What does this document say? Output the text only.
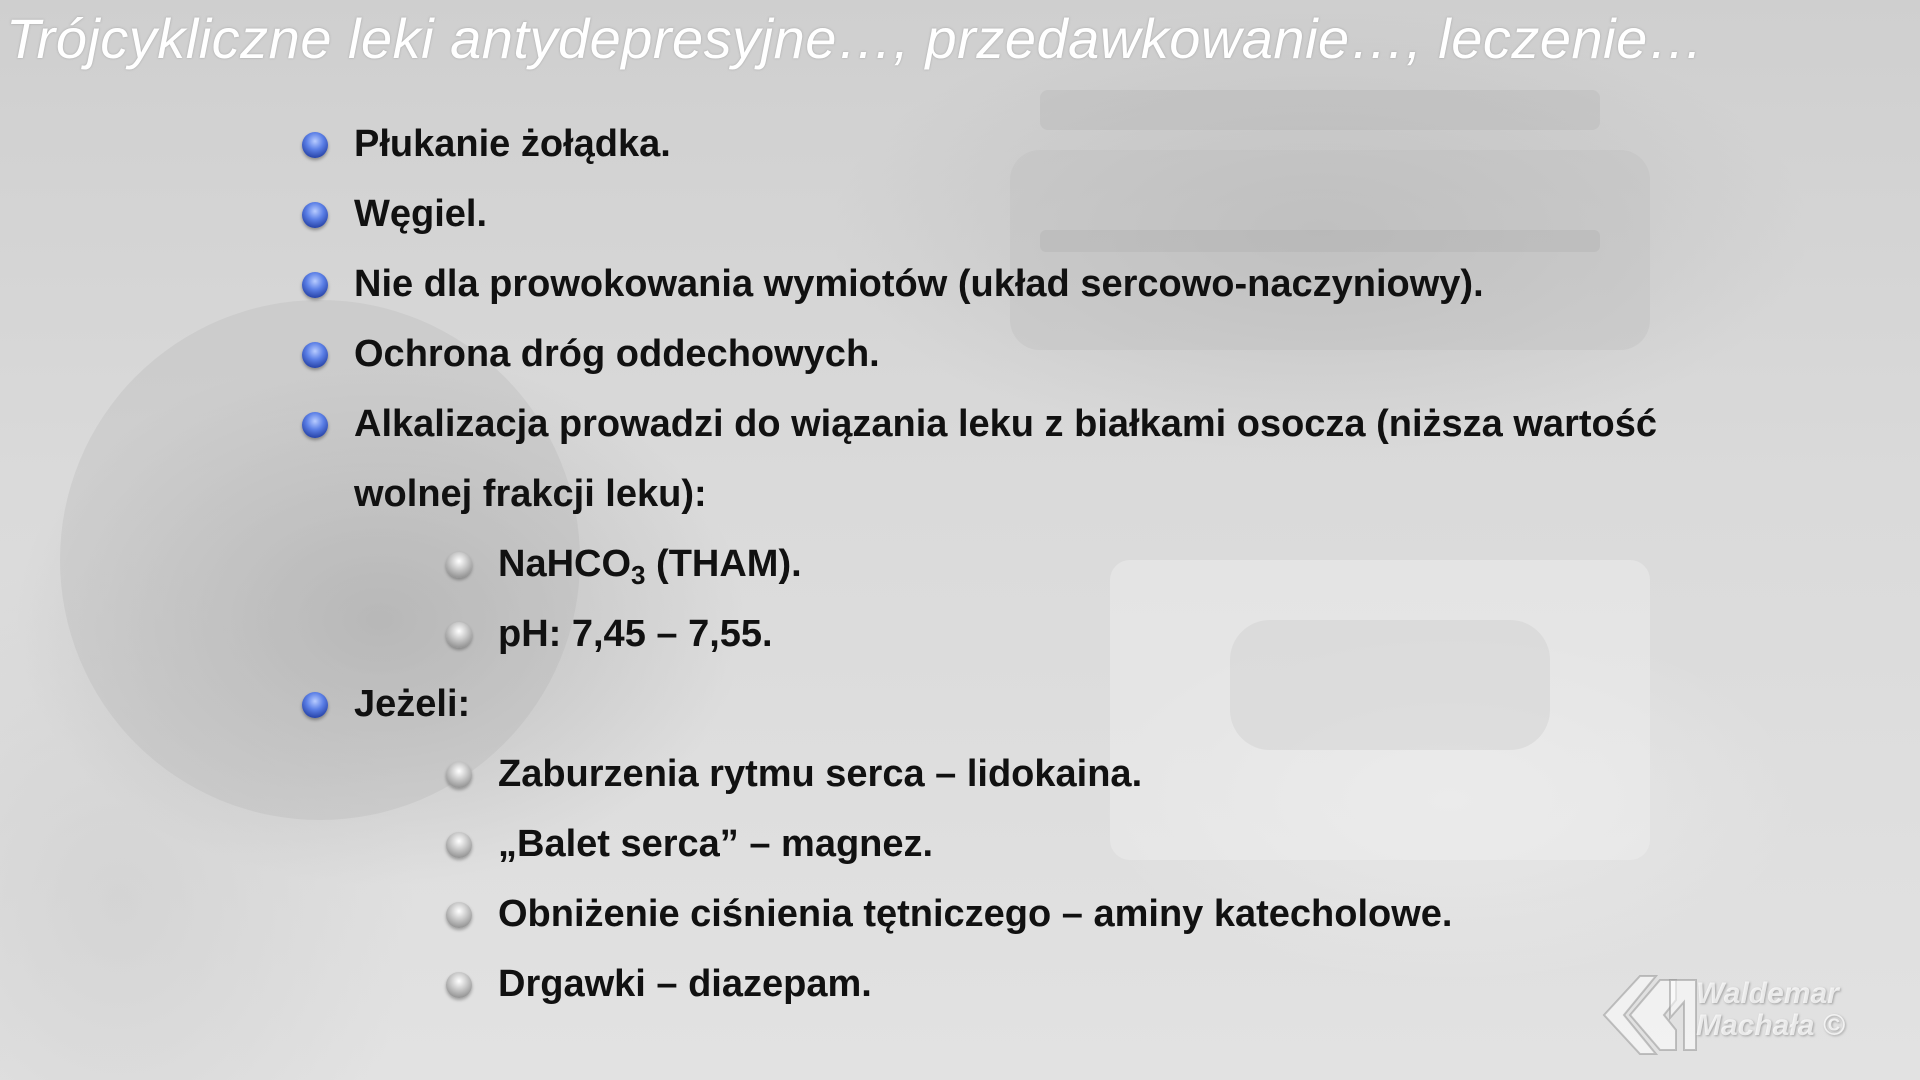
Trójcykliczne leki antydepresyjne…, przedawkowanie…, leczenie…
Płukanie żołądka.
Węgiel.
Nie dla prowokowania wymiotów (układ sercowo-naczyniowy).
Ochrona dróg oddechowych.
Alkalizacja prowadzi do wiązania leku z białkami osocza (niższa wartość
wolnej frakcji leku):
NaHCO$_3$ (THAM).
pH: 7,45 – 7,55.
Jeżeli:
Zaburzenia rytmu serca – lidokaina.
„Balet serca” – magnez.
Obniżenie ciśnienia tętniczego – aminy katecholowe.
Drgawki – diazepam.	Waldemar
Machała ©
